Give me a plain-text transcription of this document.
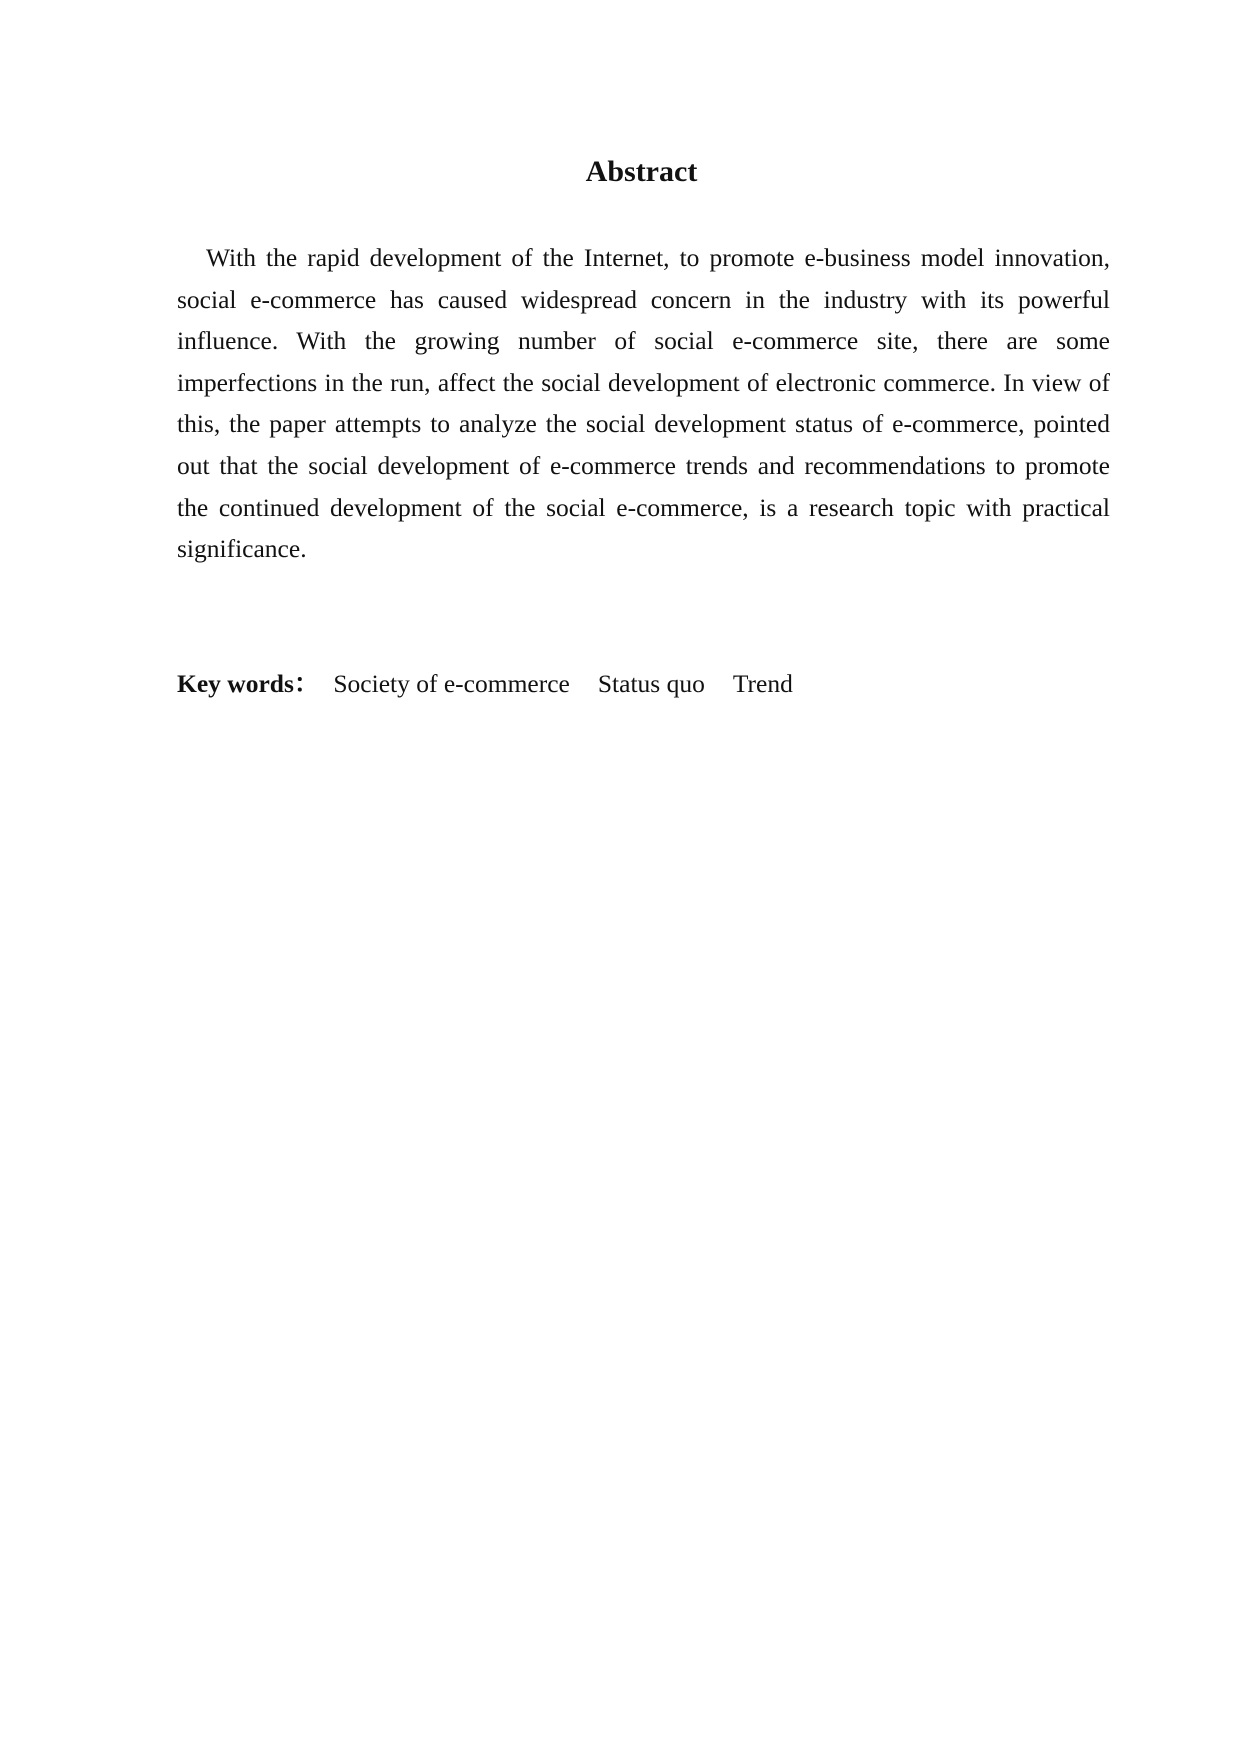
Abstract

With the rapid development of the Internet, to promote e-business model innovation, social e-commerce has caused widespread concern in the industry with its powerful influence. With the growing number of social e-commerce site, there are some imperfections in the run, affect the social development of electronic commerce. In view of this, the paper attempts to analyze the social development status of e-commerce, pointed out that the social development of e-commerce trends and recommendations to promote the continued development of the social e-commerce, is a research topic with practical significance.

Key words： Society of e-commerce Status quo Trend
